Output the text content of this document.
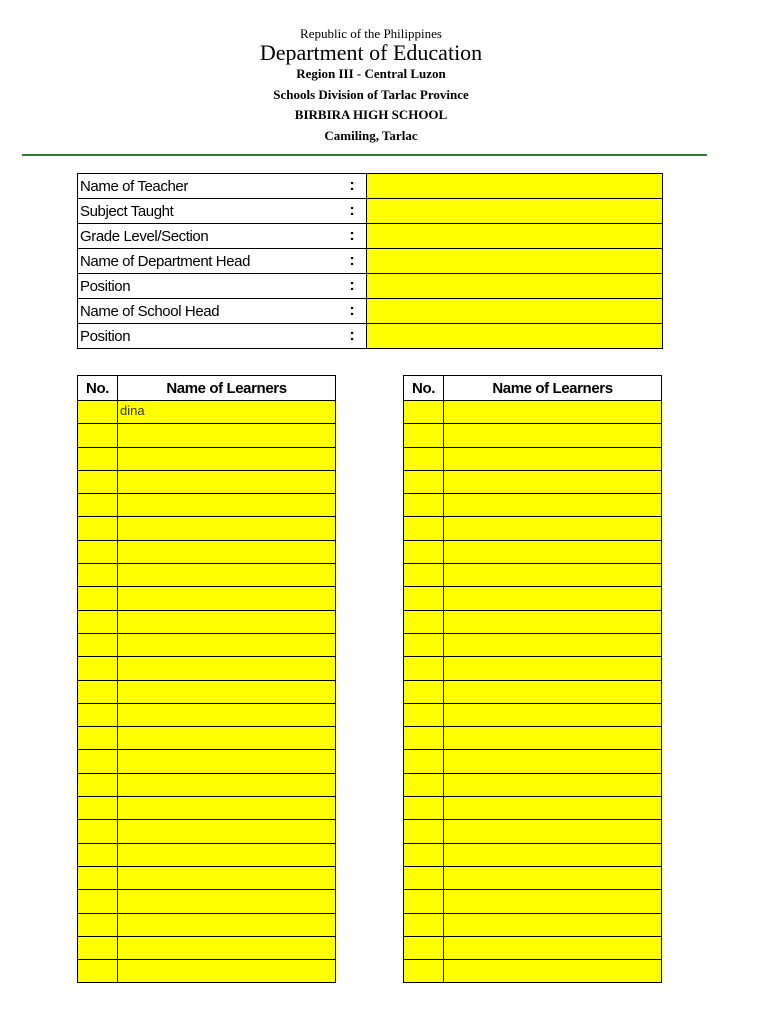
Republic of the Philippines
Department of Education
Region III - Central Luzon
Schools Division of Tarlac Province
BIRBIRA HIGH SCHOOL
Camiling, Tarlac
Name of Teacher	:	
Subject Taught	:	
Grade Level/Section	:	
Name of Department Head	:	
Position	:	
Name of School Head	:	
Position	:	
No.	Name of Learners
	dina

No.	Name of Learners
